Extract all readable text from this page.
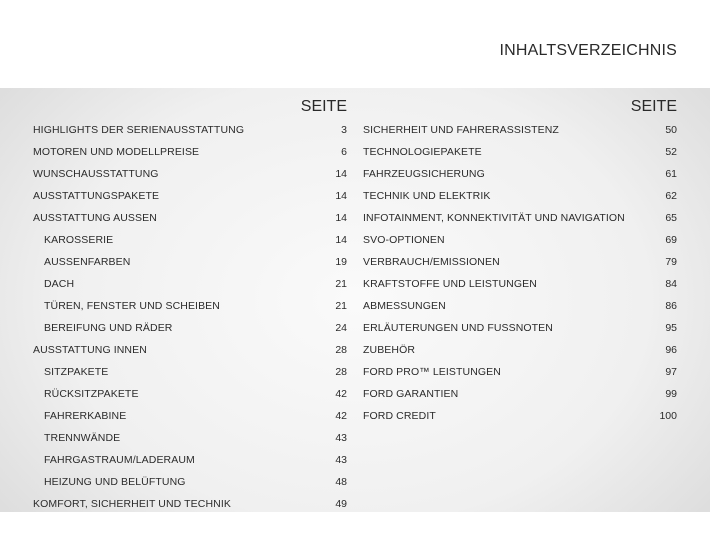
INHALTSVERZEICHNIS
SEITE
HIGHLIGHTS DER SERIENAUSSTATTUNG	3
MOTOREN UND MODELLPREISE	6
WUNSCHAUSSTATTUNG	14
AUSSTATTUNGSPAKETE	14
AUSSTATTUNG AUSSEN	14
KAROSSERIE	14
AUSSENFARBEN	19
DACH	21
TÜREN, FENSTER UND SCHEIBEN	21
BEREIFUNG UND RÄDER	24
AUSSTATTUNG INNEN	28
SITZPAKETE	28
RÜCKSITZPAKETE	42
FAHRERKABINE	42
TRENNWÄNDE	43
FAHRGASTRAUM/LADERAUM	43
HEIZUNG UND BELÜFTUNG	48
KOMFORT, SICHERHEIT UND TECHNIK	49
SEITE
SICHERHEIT UND FAHRERASSISTENZ	50
TECHNOLOGIEPAKETE	52
FAHRZEUGSICHERUNG	61
TECHNIK UND ELEKTRIK	62
INFOTAINMENT, KONNEKTIVITÄT UND NAVIGATION	65
SVO-OPTIONEN	69
VERBRAUCH/EMISSIONEN	79
KRAFTSTOFFE UND LEISTUNGEN	84
ABMESSUNGEN	86
ERLÄUTERUNGEN UND FUSSNOTEN	95
ZUBEHÖR	96
FORD PRO™ LEISTUNGEN	97
FORD GARANTIEN	99
FORD CREDIT	100
